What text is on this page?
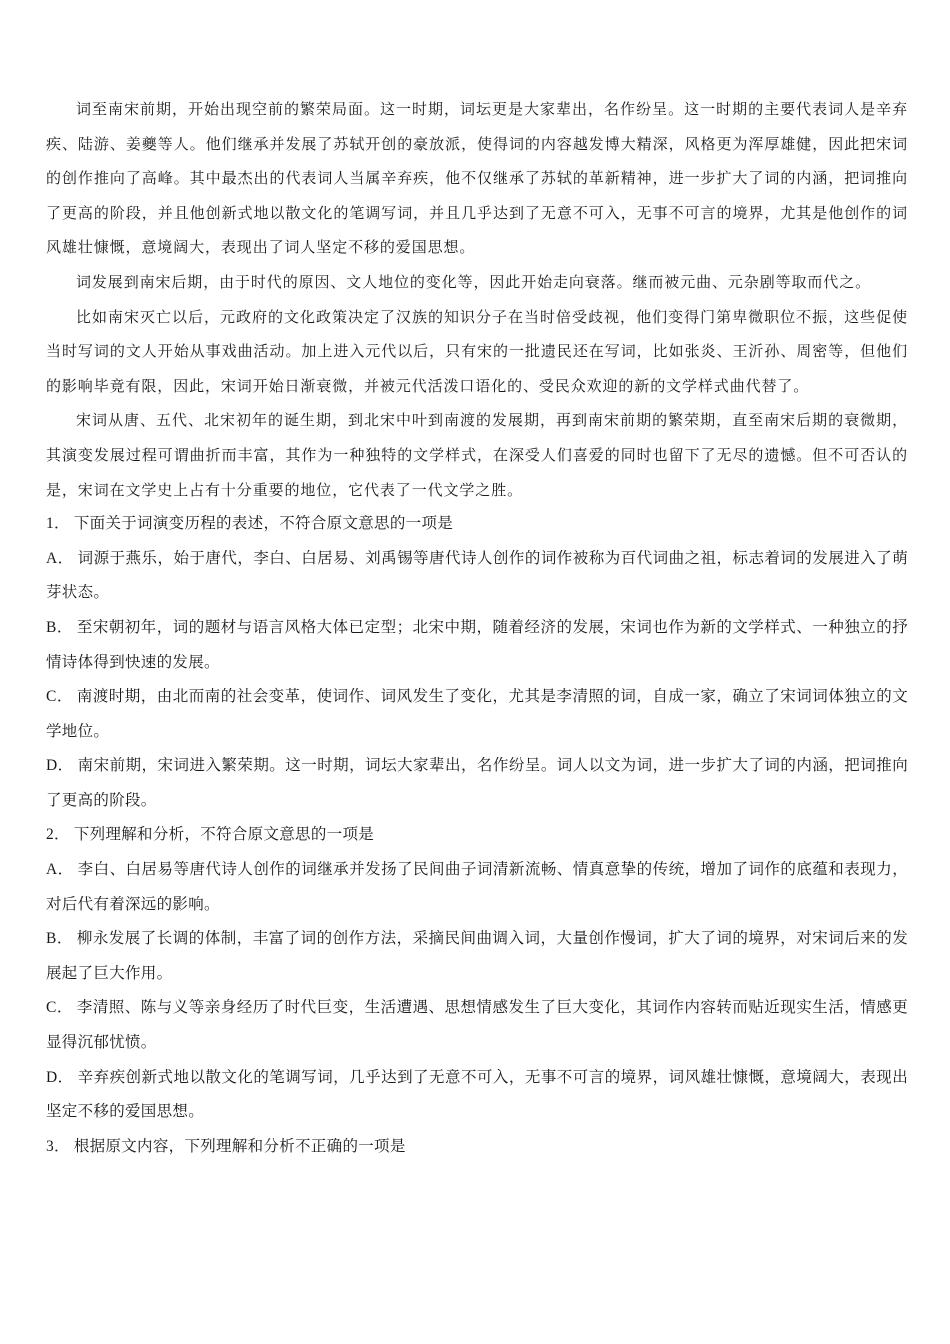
词至南宋前期，开始出现空前的繁荣局面。这一时期，词坛更是大家辈出，名作纷呈。这一时期的主要代表词人是辛弃疾、陆游、姜夔等人。他们继承并发展了苏轼开创的豪放派，使得词的内容越发博大精深，风格更为浑厚雄健，因此把宋词的创作推向了高峰。其中最杰出的代表词人当属辛弃疾，他不仅继承了苏轼的革新精神，进一步扩大了词的内涵，把词推向了更高的阶段，并且他创新式地以散文化的笔调写词，并且几乎达到了无意不可入，无事不可言的境界，尤其是他创作的词风雄壮慷慨，意境阔大，表现出了词人坚定不移的爱国思想。

词发展到南宋后期，由于时代的原因、文人地位的变化等，因此开始走向衰落。继而被元曲、元杂剧等取而代之。

比如南宋灭亡以后，元政府的文化政策决定了汉族的知识分子在当时倍受歧视，他们变得门第卑微职位不振，这些促使当时写词的文人开始从事戏曲活动。加上进入元代以后，只有宋的一批遗民还在写词，比如张炎、王沂孙、周密等，但他们的影响毕竟有限，因此，宋词开始日渐衰微，并被元代活泼口语化的、受民众欢迎的新的文学样式曲代替了。

宋词从唐、五代、北宋初年的诞生期，到北宋中叶到南渡的发展期，再到南宋前期的繁荣期，直至南宋后期的衰微期，其演变发展过程可谓曲折而丰富，其作为一种独特的文学样式，在深受人们喜爱的同时也留下了无尽的遗憾。但不可否认的是，宋词在文学史上占有十分重要的地位，它代表了一代文学之胜。

1． 下面关于词演变历程的表述，不符合原文意思的一项是

A． 词源于燕乐，始于唐代，李白、白居易、刘禹锡等唐代诗人创作的词作被称为百代词曲之祖，标志着词的发展进入了萌芽状态。

B． 至宋朝初年，词的题材与语言风格大体已定型；北宋中期，随着经济的发展，宋词也作为新的文学样式、一种独立的抒情诗体得到快速的发展。

C． 南渡时期，由北而南的社会变革，使词作、词风发生了变化，尤其是李清照的词，自成一家，确立了宋词词体独立的文学地位。

D． 南宋前期，宋词进入繁荣期。这一时期，词坛大家辈出，名作纷呈。词人以文为词，进一步扩大了词的内涵，把词推向了更高的阶段。

2． 下列理解和分析，不符合原文意思的一项是

A． 李白、白居易等唐代诗人创作的词继承并发扬了民间曲子词清新流畅、情真意挚的传统，增加了词作的底蕴和表现力，对后代有着深远的影响。

B． 柳永发展了长调的体制，丰富了词的创作方法，采摘民间曲调入词，大量创作慢词，扩大了词的境界，对宋词后来的发展起了巨大作用。

C． 李清照、陈与义等亲身经历了时代巨变，生活遭遇、思想情感发生了巨大变化，其词作内容转而贴近现实生活，情感更显得沉郁忧愤。

D． 辛弃疾创新式地以散文化的笔调写词，几乎达到了无意不可入，无事不可言的境界，词风雄壮慷慨，意境阔大，表现出坚定不移的爱国思想。

3． 根据原文内容，下列理解和分析不正确的一项是
